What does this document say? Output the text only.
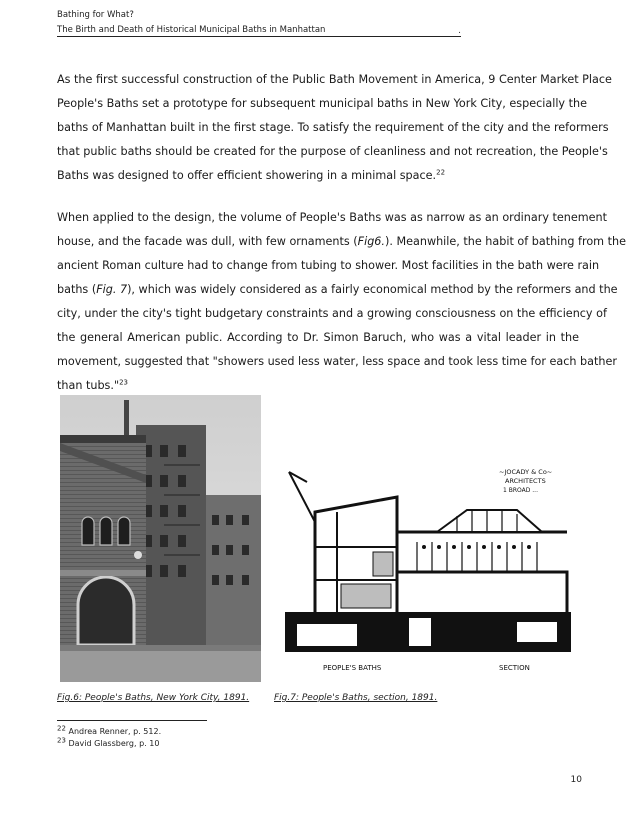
Bathing for What?
The Birth and Death of Historical Municipal Baths in Manhattan	.

As the first successful construction of the Public Bath Movement in America, 9 Center Market Place
People's Baths set a prototype for subsequent municipal baths in New York City, especially the
baths of Manhattan built in the first stage. To satisfy the requirement of the city and the reformers
that public baths should be created for the purpose of cleanliness and not recreation, the People's
Baths was designed to offer efficient showering in a minimal space.$^{22}$

When applied to the design, the volume of People's Baths was as narrow as an ordinary tenement
house, and the facade was dull, with few ornaments (Fig6.). Meanwhile, the habit of bathing from the
ancient Roman culture had to change from tubing to shower. Most facilities in the bath were rain
baths (Fig. 7), which was widely considered as a fairly economical method by the reformers and the
city, under the city's tight budgetary constraints and a growing consciousness on the efficiency of
the general American public. According to Dr. Simon Baruch, who was a vital leader in the
movement, suggested that "showers used less water, less space and took less time for each bather
than tubs."$^{23}$

~JOCADY & Co~
ARCHITECTS
1 BROAD ...
PEOPLE'S BATHS	SECTION
Fig.6: People's Baths, New York City, 1891.	Fig.7: People's Baths, section, 1891.
$^{22}$ Andrea Renner, p. 512.
$^{23}$ David Glassberg, p. 10
10
